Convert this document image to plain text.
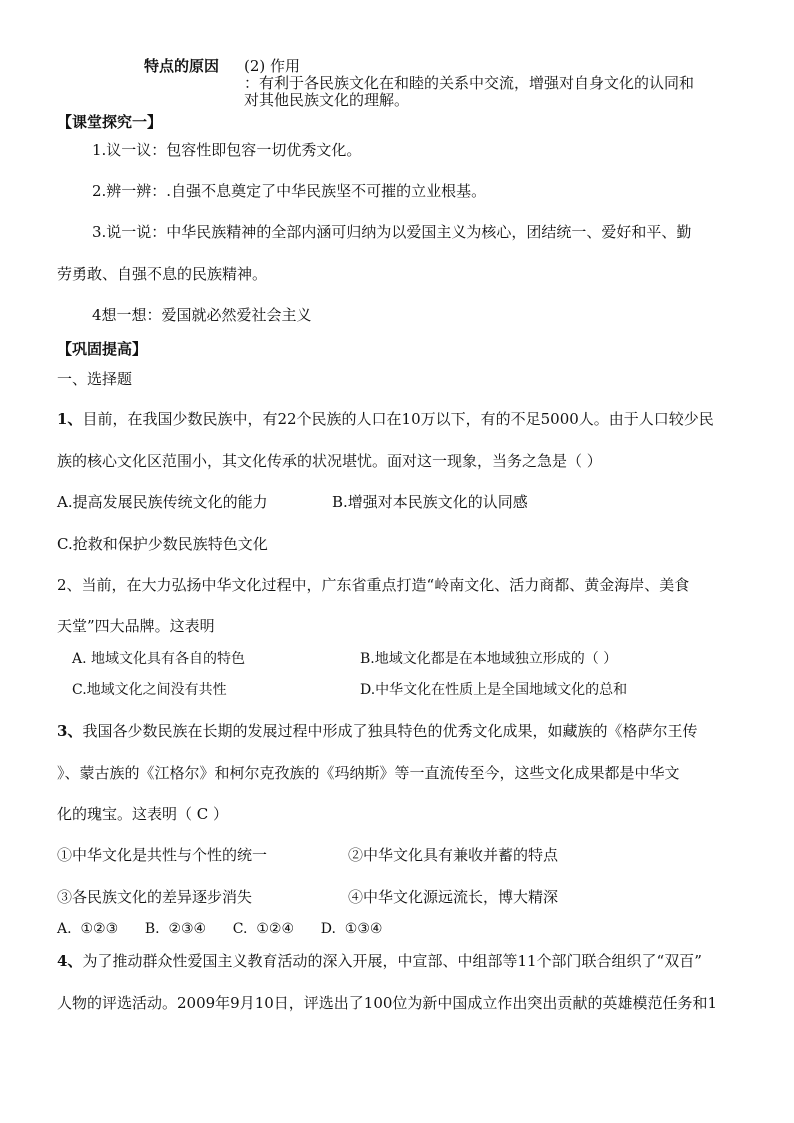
特点的原因 (2) 作用
：有利于各民族文化在和睦的关系中交流，增强对自身文化的认同和
对其他民族文化的理解。
【课堂探究一】
1.议一议：包容性即包容一切优秀文化。
2.辨一辨：.自强不息奠定了中华民族坚不可摧的立业根基。
3.说一说：中华民族精神的全部内涵可归纳为以爱国主义为核心，团结统一、爱好和平、勤
劳勇敢、自强不息的民族精神。
4想一想：爱国就必然爱社会主义
【巩固提高】
一、选择题
1、目前，在我国少数民族中，有22个民族的人口在10万以下，有的不足5000人。由于人口较少民
族的核心文化区范围小，其文化传承的状况堪忧。面对这一现象，当务之急是（ ）
A.提高发展民族传统文化的能力	B.增强对本民族文化的认同感
C.抢救和保护少数民族特色文化
2、当前，在大力弘扬中华文化过程中，广东省重点打造“岭南文化、活力商都、黄金海岸、美食
天堂”四大品牌。这表明
A. 地域文化具有各自的特色	B.地域文化都是在本地域独立形成的（ ）
C.地域文化之间没有共性	D.中华文化在性质上是全国地域文化的总和
3、我国各少数民族在长期的发展过程中形成了独具特色的优秀文化成果，如藏族的《格萨尔王传
》、蒙古族的《江格尔》和柯尔克孜族的《玛纳斯》等一直流传至今，这些文化成果都是中华文
化的瑰宝。这表明（ C ）
①中华文化是共性与个性的统一	②中华文化具有兼收并蓄的特点
③各民族文化的差异逐步消失	④中华文化源远流长，博大精深
A.  ①②③      B.  ②③④      C.  ①②④      D.  ①③④
4、为了推动群众性爱国主义教育活动的深入开展，中宣部、中组部等11个部门联合组织了“双百”
人物的评选活动。2009年9月10日，评选出了100位为新中国成立作出突出贡献的英雄模范任务和1
